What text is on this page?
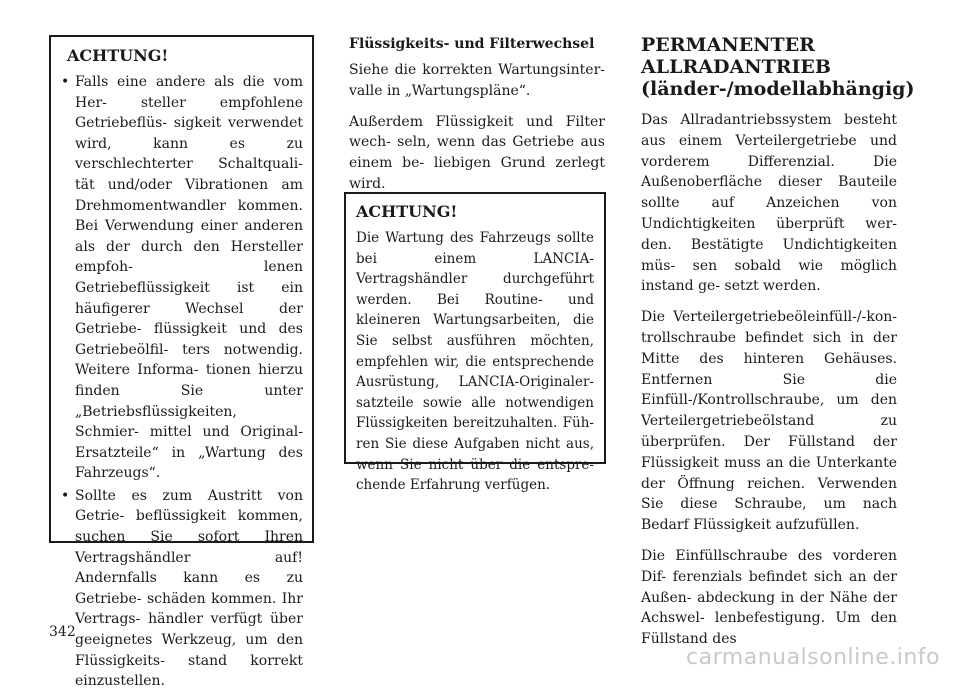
ACHTUNG!
• Falls eine andere als die vom Her- steller empfohlene Getriebeflüs- sigkeit verwendet wird, kann es zu verschlechterter Schaltquali- tät und/oder Vibrationen am Drehmomentwandler kommen. Bei Verwendung einer anderen als der durch den Hersteller empfoh- lenen Getriebeflüssigkeit ist ein häufigerer Wechsel der Getriebe- flüssigkeit und des Getriebeölfil- ters notwendig. Weitere Informa- tionen hierzu finden Sie unter „Betriebsflüssigkeiten, Schmier- mittel und Original-Ersatzteile“ in „Wartung des Fahrzeugs“.
• Sollte es zum Austritt von Getrie- beflüssigkeit kommen, suchen Sie sofort Ihren Vertragshändler auf! Andernfalls kann es zu Getriebe- schäden kommen. Ihr Vertrags- händler verfügt über geeignetes Werkzeug, um den Flüssigkeits- stand korrekt einzustellen.
Flüssigkeits- und Filterwechsel

Siehe die korrekten Wartungsinter- valle in „Wartungspläne“.

Außerdem Flüssigkeit und Filter wech- seln, wenn das Getriebe aus einem be- liebigen Grund zerlegt wird.

ACHTUNG!

Die Wartung des Fahrzeugs sollte bei einem LANCIA-Vertragshändler durchgeführt werden. Bei Routine- und kleineren Wartungsarbeiten, die Sie selbst ausführen möchten, empfehlen wir, die entsprechende Ausrüstung, LANCIA-Originaler- satzteile sowie alle notwendigen Flüssigkeiten bereitzuhalten. Füh- ren Sie diese Aufgaben nicht aus, wenn Sie nicht über die entspre- chende Erfahrung verfügen.

PERMANENTER ALLRADANTRIEB (länder-/modellabhängig)

Das Allradantriebssystem besteht aus einem Verteilergetriebe und vorderem Differenzial. Die Außenoberfläche dieser Bauteile sollte auf Anzeichen von Undichtigkeiten überprüft wer- den. Bestätigte Undichtigkeiten müs- sen sobald wie möglich instand ge- setzt werden.

Die Verteilergetriebeöleinfüll-/-kon- trollschraube befindet sich in der Mitte des hinteren Gehäuses. Entfernen Sie die Einfüll-/Kontrollschraube, um den Verteilergetriebeölstand zu überprüfen. Der Füllstand der Flüssigkeit muss an die Unterkante der Öffnung reichen. Verwenden Sie diese Schraube, um nach Bedarf Flüssigkeit aufzufüllen.

Die Einfüllschraube des vorderen Dif- ferenzials befindet sich an der Außen- abdeckung in der Nähe der Achswel- lenbefestigung. Um den Füllstand des

342
carmanualsonline.info
